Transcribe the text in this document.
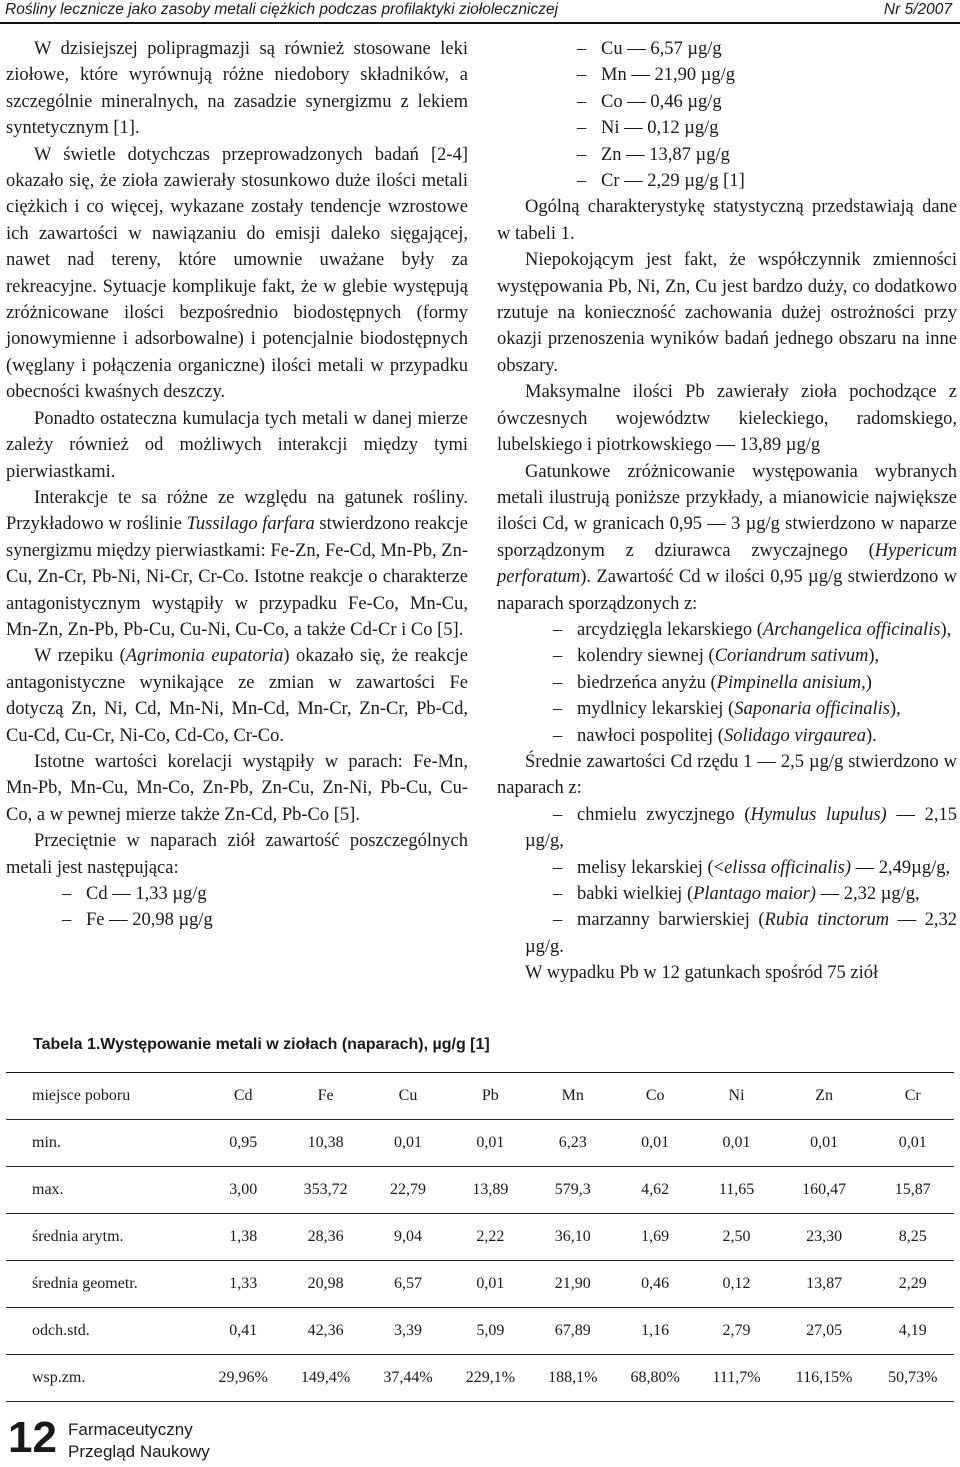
Rośliny lecznicze jako zasoby metali ciężkich podczas profilaktyki ziołoleczniczej	Nr 5/2007

W dzisiejszej polipragmazji są również stosowane leki ziołowe, które wyrównują różne niedobory składników, a szczególnie mineralnych, na zasadzie synergizmu z lekiem syntetycznym [1].

W świetle dotychczas przeprowadzonych badań [2-4] okazało się, że zioła zawierały stosunkowo duże ilości metali ciężkich i co więcej, wykazane zostały tendencje wzrostowe ich zawartości w nawiązaniu do emisji daleko sięgającej, nawet nad tereny, które umownie uważane były za rekreacyjne. Sytuacje komplikuje fakt, że w glebie występują zróżnicowane ilości bezpośrednio biodostępnych (formy jonowymienne i adsorbowalne) i potencjalnie biodostępnych (węglany i połączenia organiczne) ilości metali w przypadku obecności kwaśnych deszczy.

Ponadto ostateczna kumulacja tych metali w danej mierze zależy również od możliwych interakcji między tymi pierwiastkami.

Interakcje te sa różne ze względu na gatunek rośliny. Przykładowo w roślinie Tussilago farfara stwierdzono reakcje synergizmu między pierwiastkami: Fe-Zn, Fe-Cd, Mn-Pb, Zn-Cu, Zn-Cr, Pb-Ni, Ni-Cr, Cr-Co. Istotne reakcje o charakterze antagonistycznym wystąpiły w przypadku Fe-Co, Mn-Cu, Mn-Zn, Zn-Pb, Pb-Cu, Cu-Ni, Cu-Co, a także Cd-Cr i Co [5].

W rzepiku (Agrimonia eupatoria) okazało się, że reakcje antagonistyczne wynikające ze zmian w zawartości Fe dotyczą Zn, Ni, Cd, Mn-Ni, Mn-Cd, Mn-Cr, Zn-Cr, Pb-Cd, Cu-Cd, Cu-Cr, Ni-Co, Cd-Co, Cr-Co.

Istotne wartości korelacji wystąpiły w parach: Fe-Mn, Mn-Pb, Mn-Cu, Mn-Co, Zn-Pb, Zn-Cu, Zn-Ni, Pb-Cu, Cu-Co, a w pewnej mierze także Zn-Cd, Pb-Co [5].

Przeciętnie w naparach ziół zawartość poszczególnych metali jest następująca:

– Cd — 1,33 µg/g

– Fe — 20,98 µg/g

– Cu — 6,57 µg/g

– Mn — 21,90 µg/g

– Co — 0,46 µg/g

– Ni — 0,12 µg/g

– Zn — 13,87 µg/g

– Cr — 2,29 µg/g [1]

Ogólną charakterystykę statystyczną przedstawiają dane w tabeli 1.

Niepokojącym jest fakt, że współczynnik zmienności występowania Pb, Ni, Zn, Cu jest bardzo duży, co dodatkowo rzutuje na konieczność zachowania dużej ostrożności przy okazji przenoszenia wyników badań jednego obszaru na inne obszary.

Maksymalne ilości Pb zawierały zioła pochodzące z ówczesnych województw kieleckiego, radomskiego, lubelskiego i piotrkowskiego — 13,89 µg/g

Gatunkowe zróżnicowanie występowania wybranych metali ilustrują poniższe przykłady, a mianowicie największe ilości Cd, w granicach 0,95 — 3 µg/g stwierdzono w naparze sporządzonym z dziurawca zwyczajnego (Hypericum perforatum). Zawartość Cd w ilości 0,95 µg/g stwierdzono w naparach sporządzonych z:

– arcydzięgla lekarskiego (Archangelica officinalis),

– kolendry siewnej (Coriandrum sativum),

– biedrzeńca anyżu (Pimpinella anisium,)

– mydlnicy lekarskiej (Saponaria officinalis),

– nawłoci pospolitej (Solidago virgaurea).

Średnie zawartości Cd rzędu 1 — 2,5 µg/g stwierdzono w naparach z:

– chmielu zwyczjnego (Hymulus lupulus) — 2,15 µg/g,

– melisy lekarskiej (<elissa officinalis) — 2,49µg/g,

– babki wielkiej (Plantago maior) — 2,32 µg/g,

– marzanny barwierskiej (Rubia tinctorum — 2,32 µg/g.

W wypadku Pb w 12 gatunkach spośród 75 ziół

Tabela 1.Występowanie metali w ziołach (naparach), µg/g [1]
miejsce poboru	Cd	Fe	Cu	Pb	Mn	Co	Ni	Zn	Cr
min.	0,95	10,38	0,01	0,01	6,23	0,01	0,01	0,01	0,01
max.	3,00	353,72	22,79	13,89	579,3	4,62	11,65	160,47	15,87
średnia arytm.	1,38	28,36	9,04	2,22	36,10	1,69	2,50	23,30	8,25
średnia geometr.	1,33	20,98	6,57	0,01	21,90	0,46	0,12	13,87	2,29
odch.std.	0,41	42,36	3,39	5,09	67,89	1,16	2,79	27,05	4,19
wsp.zm.	29,96%	149,4%	37,44%	229,1%	188,1%	68,80%	111,7%	116,15%	50,73%
12 Farmaceutyczny
Przegląd Naukowy
